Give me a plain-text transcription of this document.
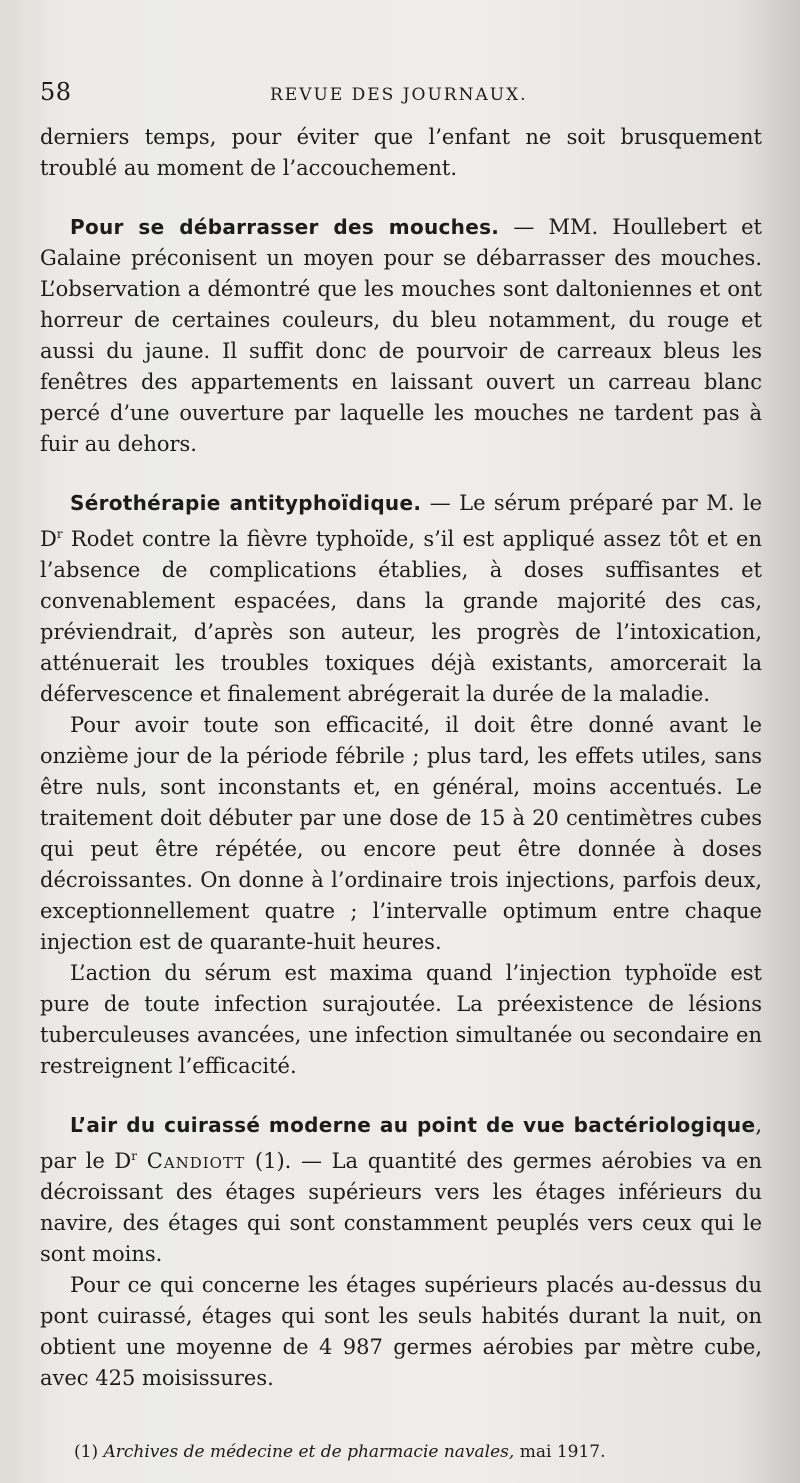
58	REVUE DES JOURNAUX.

derniers temps, pour éviter que l’enfant ne soit brusquement troublé au moment de l’accouchement.

Pour se débarrasser des mouches. — MM. Houllebert et Galaine préconisent un moyen pour se débarrasser des mouches. L’observation a démontré que les mouches sont daltoniennes et ont horreur de certaines couleurs, du bleu notamment, du rouge et aussi du jaune. Il suffit donc de pourvoir de carreaux bleus les fenêtres des appartements en laissant ouvert un carreau blanc percé d’une ouverture par laquelle les mouches ne tardent pas à fuir au dehors.

Sérothérapie antityphoïdique. — Le sérum préparé par M. le $D^r$ Rodet contre la fièvre typhoïde, s’il est appliqué assez tôt et en l’absence de complications établies, à doses suffisantes et convenablement espacées, dans la grande majorité des cas, préviendrait, d’après son auteur, les progrès de l’intoxication, atténuerait les troubles toxiques déjà existants, amorcerait la défervescence et finalement abrégerait la durée de la maladie.

Pour avoir toute son efficacité, il doit être donné avant le onzième jour de la période fébrile ; plus tard, les effets utiles, sans être nuls, sont inconstants et, en général, moins accentués. Le traitement doit débuter par une dose de 15 à 20 centimètres cubes qui peut être répétée, ou encore peut être donnée à doses décroissantes. On donne à l’ordinaire trois injections, parfois deux, exceptionnellement quatre ; l’intervalle optimum entre chaque injection est de quarante-huit heures.

L’action du sérum est maxima quand l’injection typhoïde est pure de toute infection surajoutée. La préexistence de lésions tuberculeuses avancées, une infection simultanée ou secondaire en restreignent l’efficacité.

L’air du cuirassé moderne au point de vue bactériologique, par le $D^r$ Candiott (1). — La quantité des germes aérobies va en décroissant des étages supérieurs vers les étages inférieurs du navire, des étages qui sont constamment peuplés vers ceux qui le sont moins.

Pour ce qui concerne les étages supérieurs placés au-dessus du pont cuirassé, étages qui sont les seuls habités durant la nuit, on obtient une moyenne de 4 987 germes aérobies par mètre cube, avec 425 moisissures.

(1) Archives de médecine et de pharmacie navales, mai 1917.
